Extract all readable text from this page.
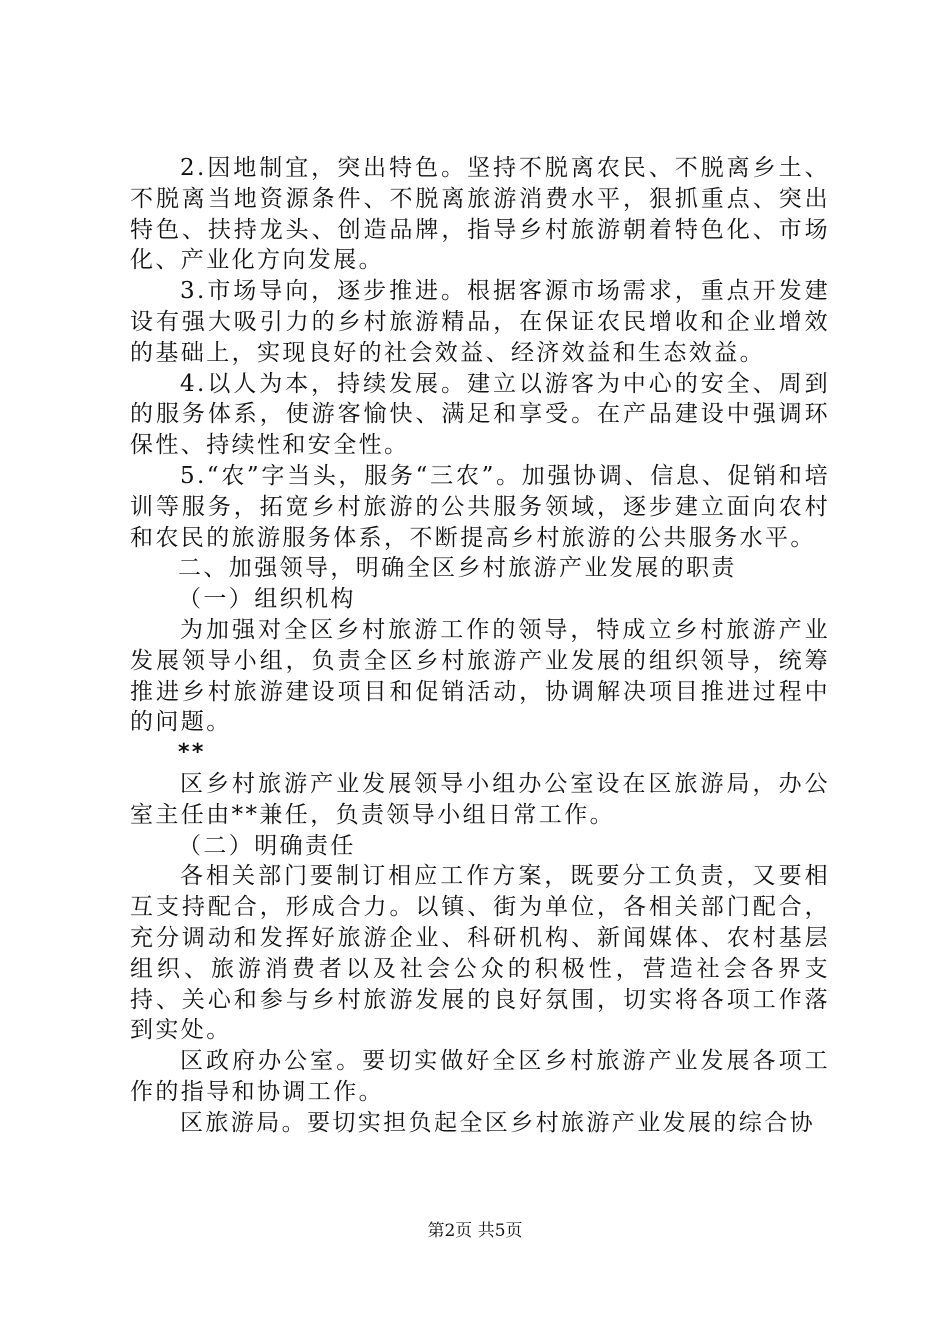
2.因地制宜，突出特色。坚持不脱离农民、不脱离乡土、不脱离当地资源条件、不脱离旅游消费水平，狠抓重点、突出特色、扶持龙头、创造品牌，指导乡村旅游朝着特色化、市场化、产业化方向发展。

3.市场导向，逐步推进。根据客源市场需求，重点开发建设有强大吸引力的乡村旅游精品，在保证农民增收和企业增效的基础上，实现良好的社会效益、经济效益和生态效益。

4.以人为本，持续发展。建立以游客为中心的安全、周到的服务体系，使游客愉快、满足和享受。在产品建设中强调环保性、持续性和安全性。

5.“农”字当头，服务“三农”。加强协调、信息、促销和培训等服务，拓宽乡村旅游的公共服务领域，逐步建立面向农村和农民的旅游服务体系，不断提高乡村旅游的公共服务水平。

二、加强领导，明确全区乡村旅游产业发展的职责

（一）组织机构

为加强对全区乡村旅游工作的领导，特成立乡村旅游产业发展领导小组，负责全区乡村旅游产业发展的组织领导，统筹推进乡村旅游建设项目和促销活动，协调解决项目推进过程中的问题。

**

区乡村旅游产业发展领导小组办公室设在区旅游局，办公室主任由**兼任，负责领导小组日常工作。

（二）明确责任

各相关部门要制订相应工作方案，既要分工负责，又要相互支持配合，形成合力。以镇、街为单位，各相关部门配合，充分调动和发挥好旅游企业、科研机构、新闻媒体、农村基层组织、旅游消费者以及社会公众的积极性，营造社会各界支持、关心和参与乡村旅游发展的良好氛围，切实将各项工作落到实处。

区政府办公室。要切实做好全区乡村旅游产业发展各项工作的指导和协调工作。

区旅游局。要切实担负起全区乡村旅游产业发展的综合协

第2页 共5页
